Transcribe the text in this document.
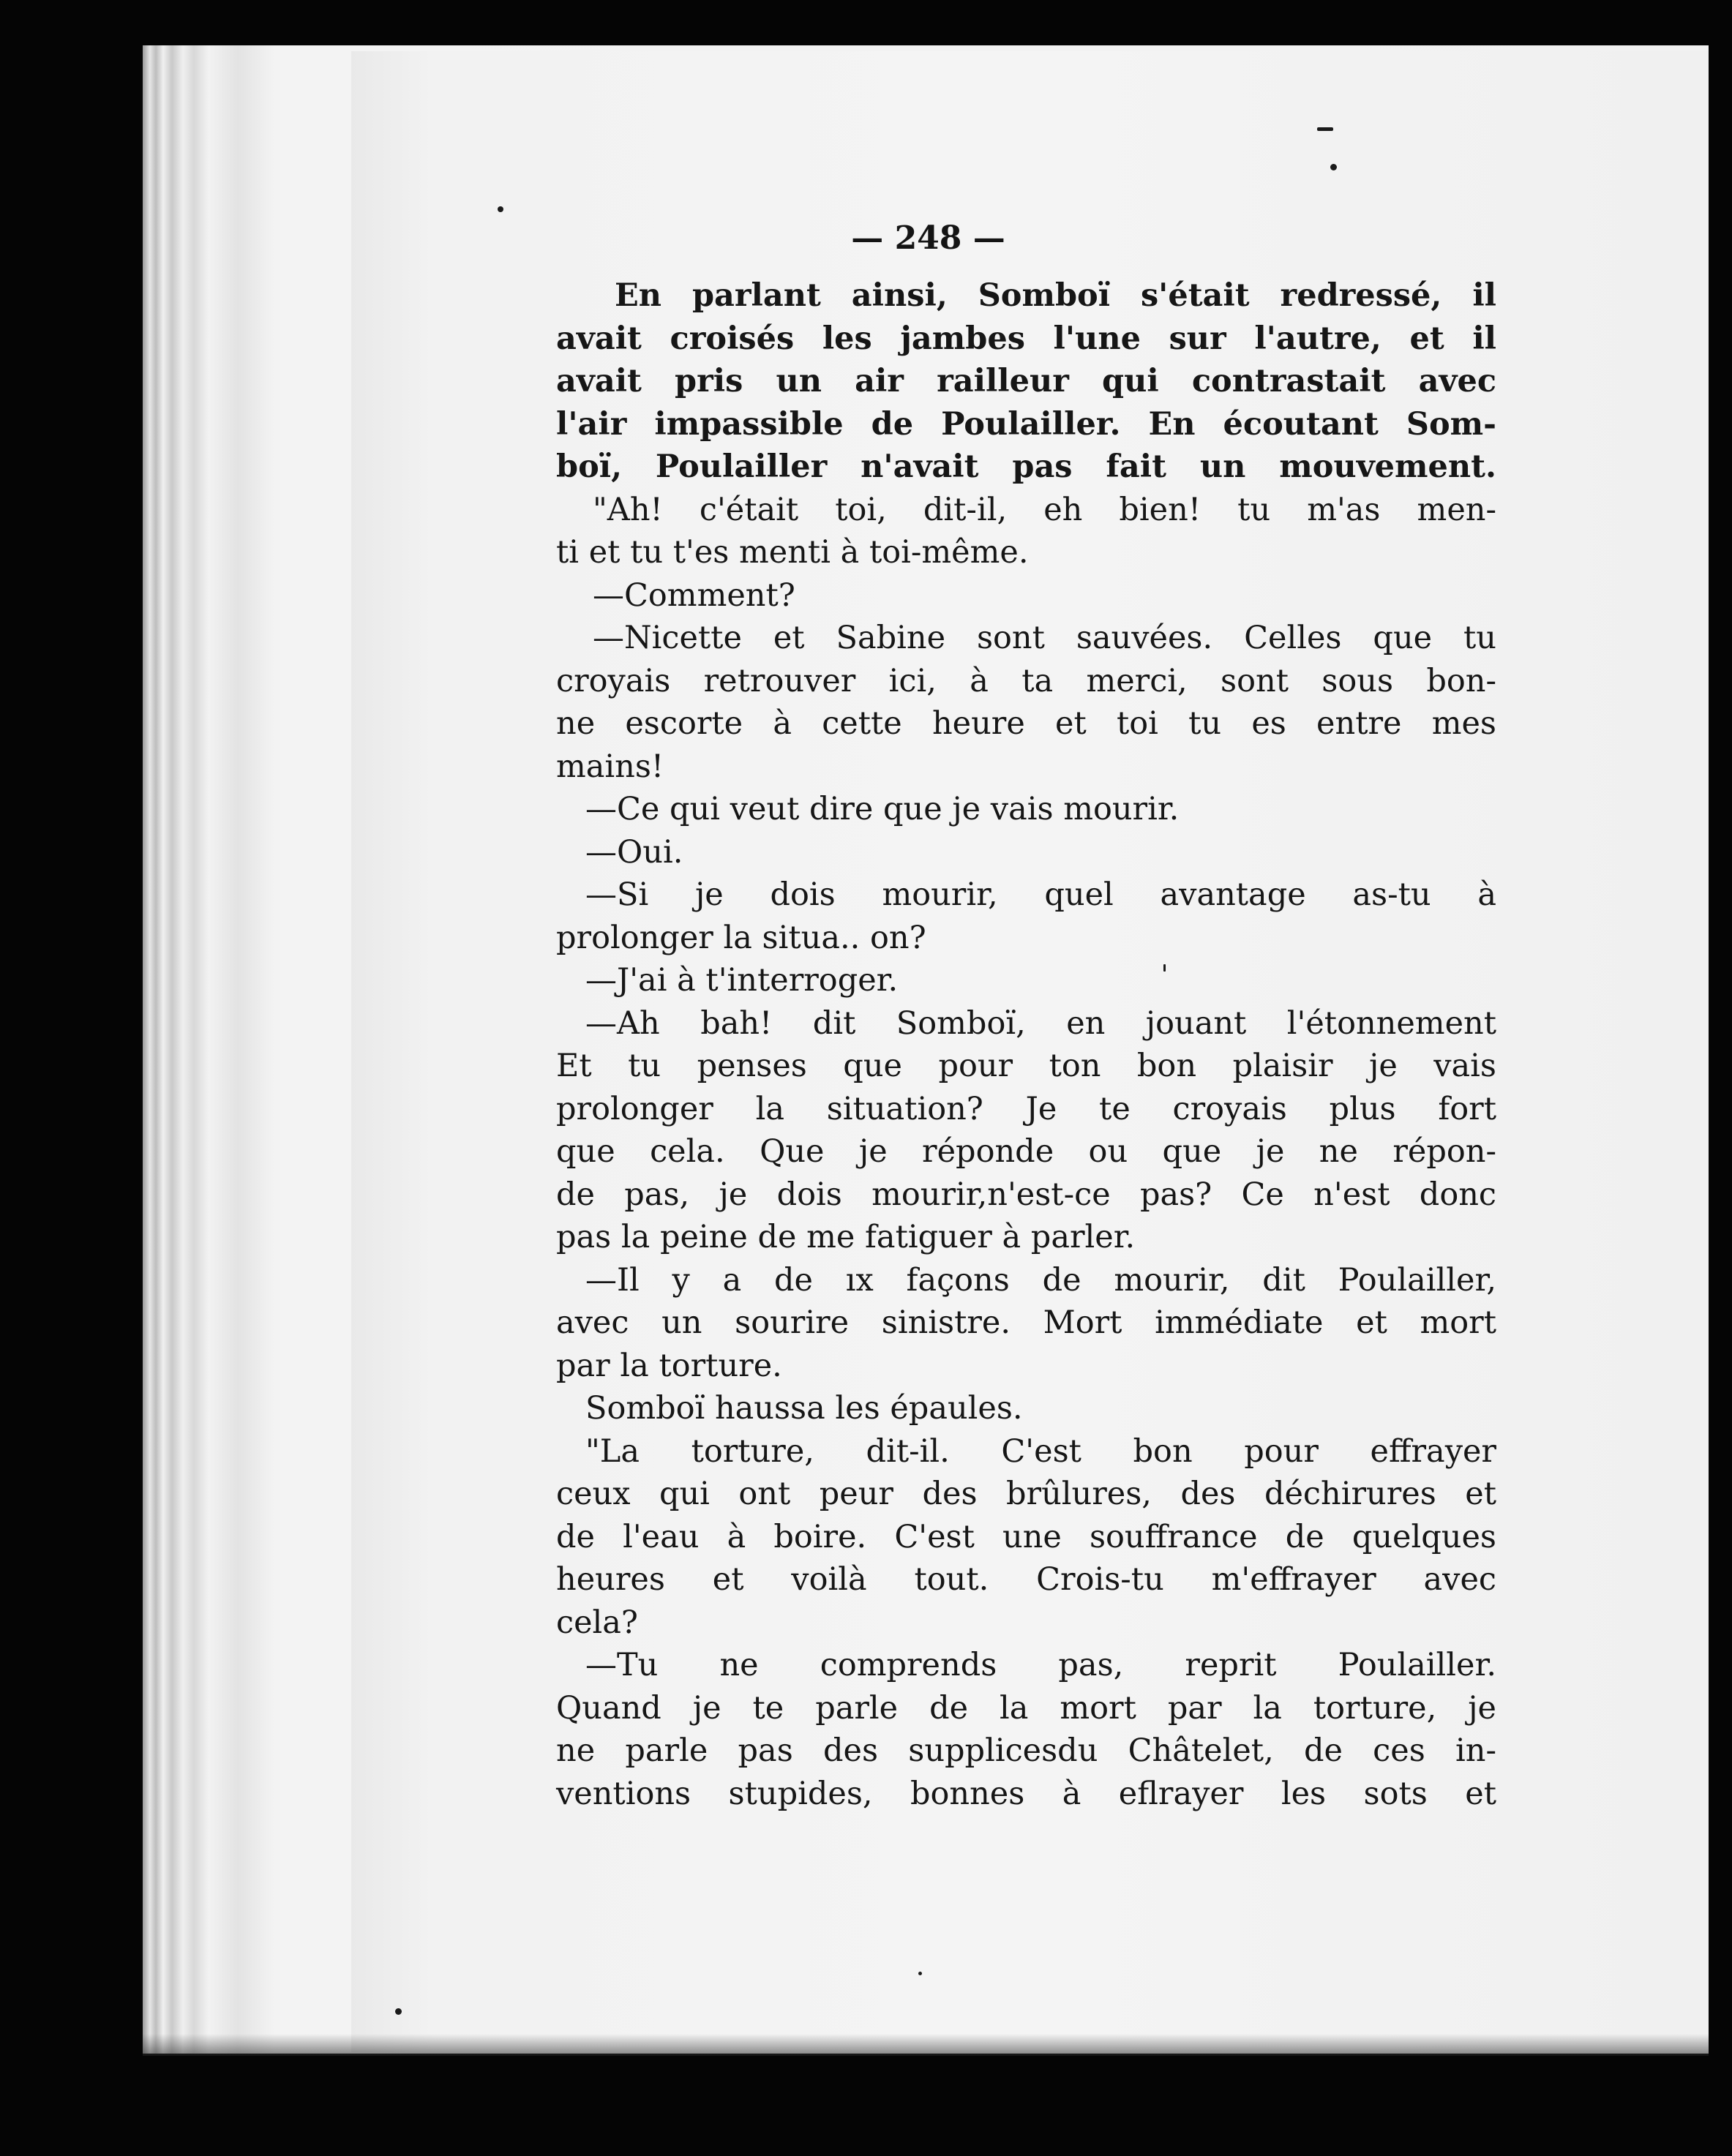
— 248 —
En parlant ainsi, Somboï s'était redressé, il
avait croisés les jambes l'une sur l'autre, et il
avait pris un air railleur qui contrastait avec
l'air impassible de Poulailler. En écoutant Som-
boï, Poulailler n'avait pas fait un mouvement.
"Ah! c'était toi, dit-il, eh bien! tu m'as men-
ti et tu t'es menti à toi-même.
—Comment?
—Nicette et Sabine sont sauvées. Celles que tu
croyais retrouver ici, à ta merci, sont sous bon-
ne escorte à cette heure et toi tu es entre mes
mains!
—Ce qui veut dire que je vais mourir.
—Oui.
—Si je dois mourir, quel avantage as-tu à
prolonger la situa.. on?
—J'ai à t'interroger.
—Ah bah! dit Somboï, en jouant l'étonnement
Et tu penses que pour ton bon plaisir je vais
prolonger la situation? Je te croyais plus fort
que cela. Que je réponde ou que je ne répon-
de pas, je dois mourir,n'est-ce pas? Ce n'est donc
pas la peine de me fatiguer à parler.
—Il y a de ıx façons de mourir, dit Poulailler,
avec un sourire sinistre. Mort immédiate et mort
par la torture.
Somboï haussa les épaules.
"La torture, dit-il. C'est bon pour effrayer
ceux qui ont peur des brûlures, des déchirures et
de l'eau à boire. C'est une souffrance de quelques
heures et voilà tout. Crois-tu m'effrayer avec
cela?
—Tu ne comprends pas, reprit Poulailler.
Quand je te parle de la mort par la torture, je
ne parle pas des supplicesdu Châtelet, de ces in-
ventions stupides, bonnes à eflrayer les sots et
